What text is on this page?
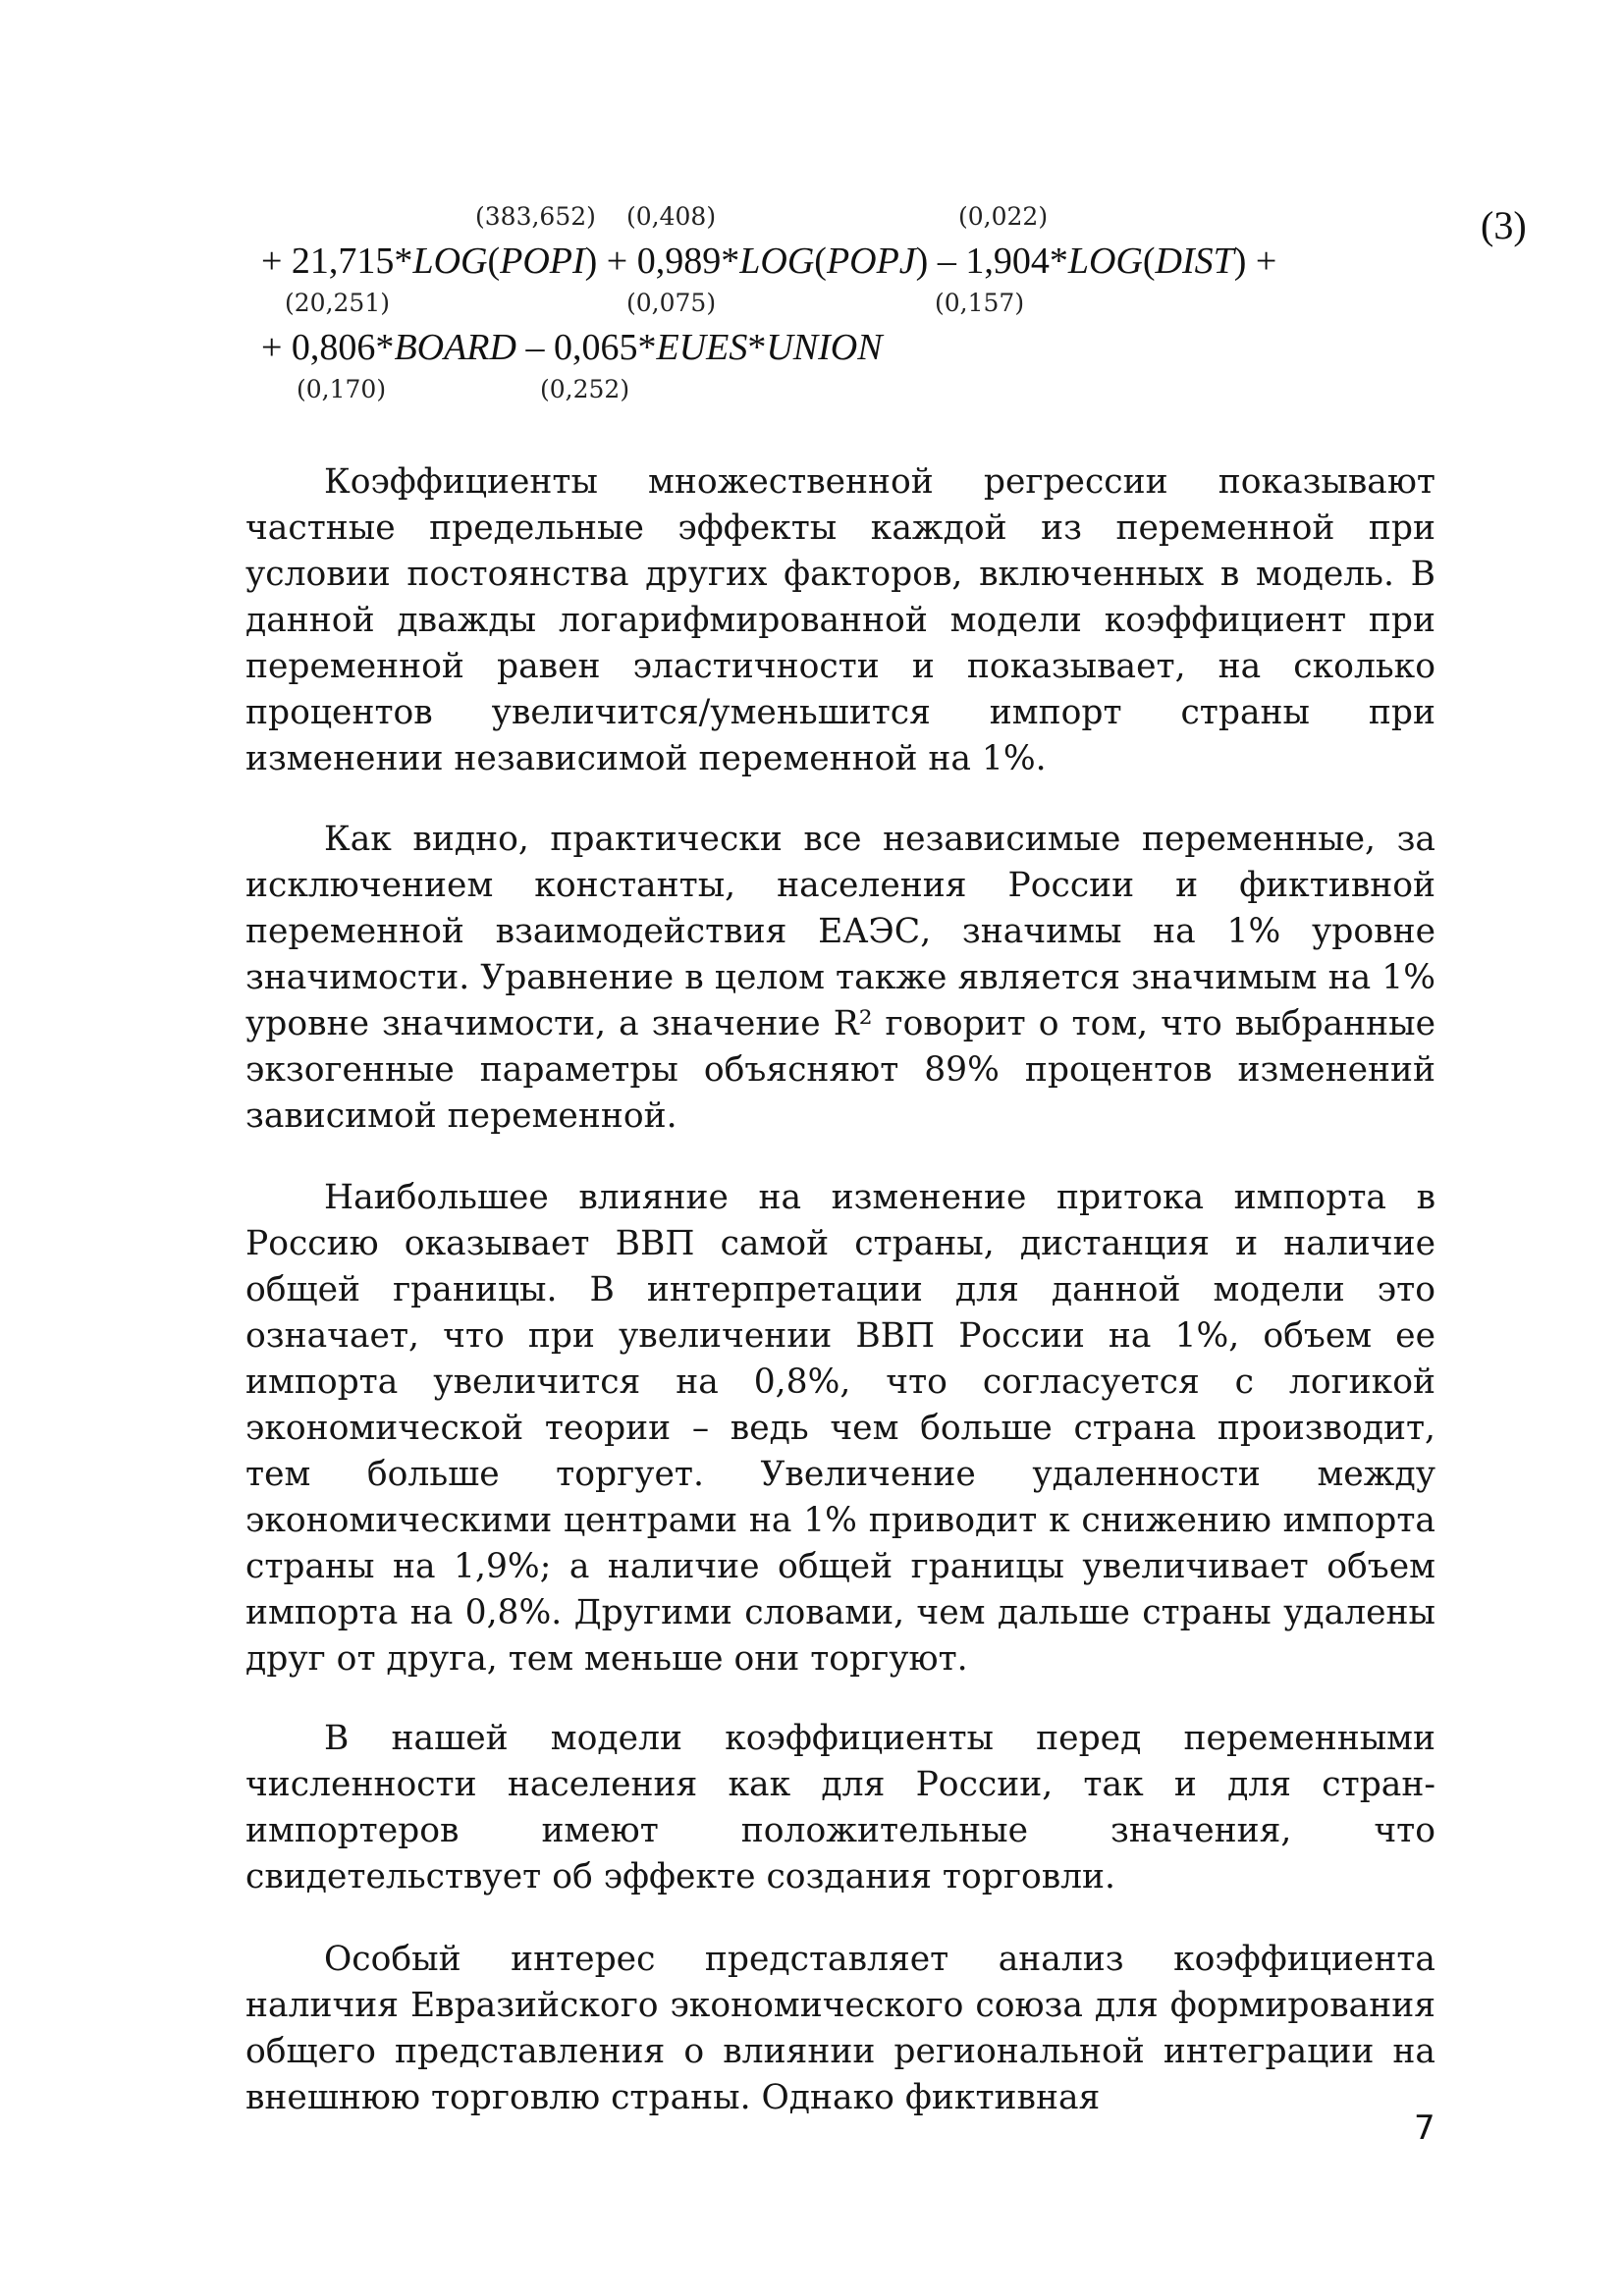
(383,652) (0,408)	(0,022)
+ 21,715*LOG(POPI) + 0,989*LOG(POPJ) – 1,904*LOG(DIST) +
(20,251)	(0,075)	(0,157)
+ 0,806*BOARD – 0,065*EUES*UNION
(0,170)	(0,252)
(3)

Коэффициенты множественной регрессии показывают частные предельные эффекты каждой из переменной при условии постоянства других факторов, включенных в модель. В данной дважды логарифмированной модели коэффициент при переменной равен эластичности и показывает, на сколько процентов увеличится/уменьшится импорт страны при изменении независимой переменной на 1%.

Как видно, практически все независимые переменные, за исключением константы, населения России и фиктивной переменной взаимодействия ЕАЭС, значимы на 1% уровне значимости. Уравнение в целом также является значимым на 1% уровне значимости, а значение R² говорит о том, что выбранные экзогенные параметры объясняют 89% процентов изменений зависимой переменной.

Наибольшее влияние на изменение притока импорта в Россию оказывает ВВП самой страны, дистанция и наличие общей границы. В интерпретации для данной модели это означает, что при увеличении ВВП России на 1%, объем ее импорта увеличится на 0,8%, что согласуется с логикой экономической теории – ведь чем больше страна производит, тем больше торгует. Увеличение удаленности между экономическими центрами на 1% приводит к снижению импорта страны на 1,9%; а наличие общей границы увеличивает объем импорта на 0,8%. Другими словами, чем дальше страны удалены друг от друга, тем меньше они торгуют.

В нашей модели коэффициенты перед переменными численности населения как для России, так и для стран-импортеров имеют положительные значения, что свидетельствует об эффекте создания торговли.

Особый интерес представляет анализ коэффициента наличия Евразийского экономического союза для формирования общего представления о влиянии региональной интеграции на внешнюю торговлю страны. Однако фиктивная

7
